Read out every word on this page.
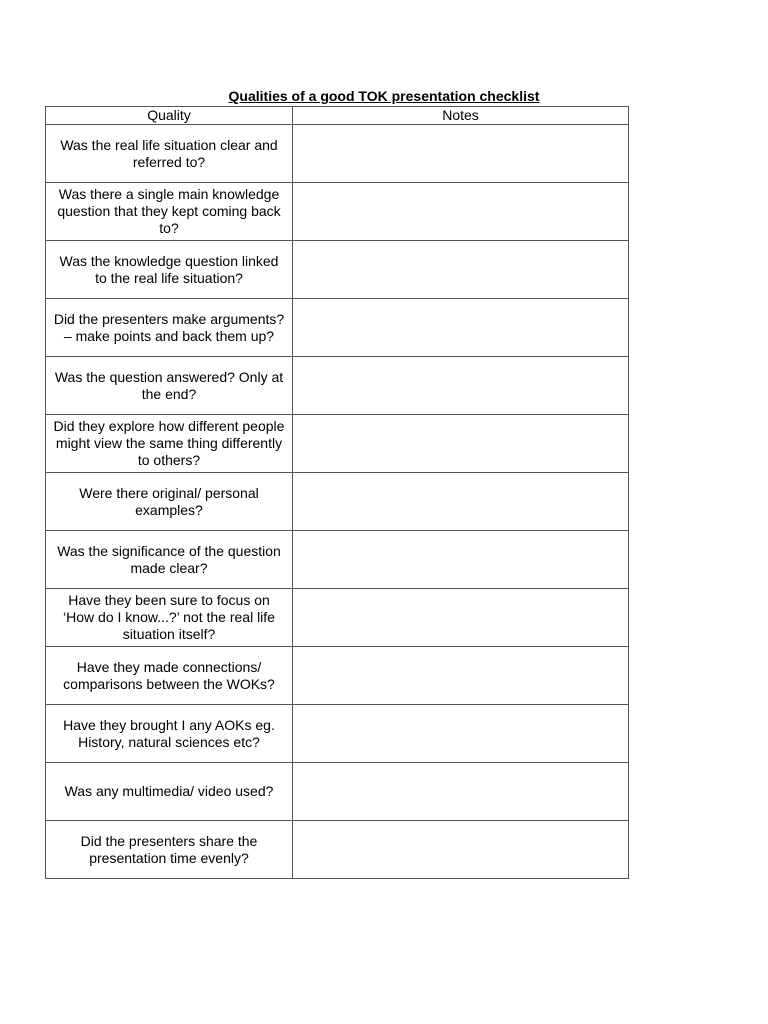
Qualities of a good TOK presentation checklist
Quality	Notes
Was the real life situation clear and referred to?	
Was there a single main knowledge question that they kept coming back to?	
Was the knowledge question linked to the real life situation?	
Did the presenters make arguments? – make points and back them up?	
Was the question answered? Only at the end?	
Did they explore how different people might view the same thing differently to others?	
Were there original/ personal examples?	
Was the significance of the question made clear?	
Have they been sure to focus on ‘How do I know...?’ not the real life situation itself?	
Have they made connections/ comparisons between the WOKs?	
Have they brought I any AOKs eg. History, natural sciences etc?	
Was any multimedia/ video used?	
Did the presenters share the presentation time evenly?	
